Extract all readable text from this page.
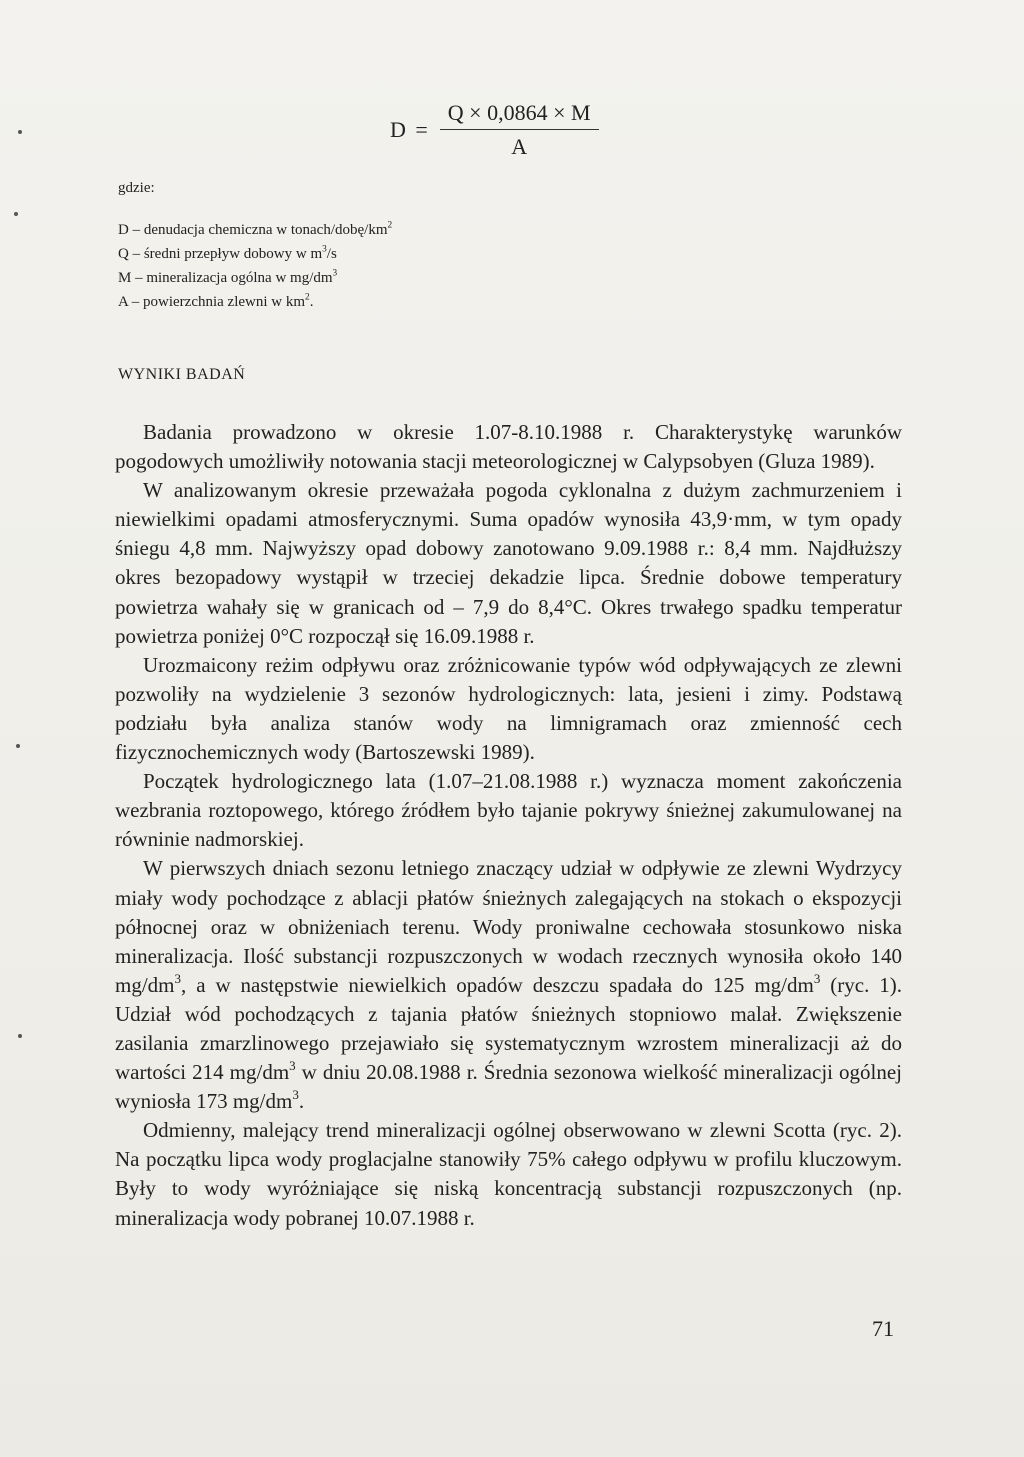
$D = \frac{Q \times 0,0864 \times M}{A}$
gdzie:
D – denudacja chemiczna w tonach/$dobę/km^2$
Q – średni przepływ dobowy w $m^3/s$
M – mineralizacja ogólna w $mg/dm^3$
A – powierzchnia zlewni w $km^2$.
WYNIKI BADAŃ

Badania prowadzono w okresie 1.07-8.10.1988 r. Charakterystykę warunków pogodowych umożliwiły notowania stacji meteorologicznej w Calypsobyen (Gluza 1989).

W analizowanym okresie przeważała pogoda cyklonalna z dużym zachmurzeniem i niewielkimi opadami atmosferycznymi. Suma opadów wynosiła 43,9·mm, w tym opady śniegu 4,8 mm. Najwyższy opad dobowy zanotowano 9.09.1988 r.: 8,4 mm. Najdłuższy okres bezopadowy wystąpił w trzeciej dekadzie lipca. Średnie dobowe temperatury powietrza wahały się w granicach od – 7,9 do 8,4°C. Okres trwałego spadku temperatur powietrza poniżej 0°C rozpoczął się 16.09.1988 r.

Urozmaicony reżim odpływu oraz zróżnicowanie typów wód odpływających ze zlewni pozwoliły na wydzielenie 3 sezonów hydrologicznych: lata, jesieni i zimy. Podstawą podziału była analiza stanów wody na limnigramach oraz zmienność cech fizycznochemicznych wody (Bartoszewski 1989).

Początek hydrologicznego lata (1.07–21.08.1988 r.) wyznacza moment zakończenia wezbrania roztopowego, którego źródłem było tajanie pokrywy śnieżnej zakumulowanej na równinie nadmorskiej.

W pierwszych dniach sezonu letniego znaczący udział w odpływie ze zlewni Wydrzycy miały wody pochodzące z ablacji płatów śnieżnych zalegających na stokach o ekspozycji północnej oraz w obniżeniach terenu. Wody proniwalne cechowała stosunkowo niska mineralizacja. Ilość substancji rozpuszczonych w wodach rzecznych wynosiła około 140 $mg/dm^3$, a w następstwie niewielkich opadów deszczu spadała do 125 $mg/dm^3$ (ryc. 1). Udział wód pochodzących z tajania płatów śnieżnych stopniowo malał. Zwiększenie zasilania zmarzlinowego przejawiało się systematycznym wzrostem mineralizacji aż do wartości 214 $mg/dm^3$ w dniu 20.08.1988 r. Średnia sezonowa wielkość mineralizacji ogólnej wyniosła 173 $mg/dm^3$.

Odmienny, malejący trend mineralizacji ogólnej obserwowano w zlewni Scotta (ryc. 2). Na początku lipca wody proglacjalne stanowiły 75% całego odpływu w profilu kluczowym. Były to wody wyróżniające się niską koncentracją substancji rozpuszczonych (np. mineralizacja wody pobranej 10.07.1988 r.

71
